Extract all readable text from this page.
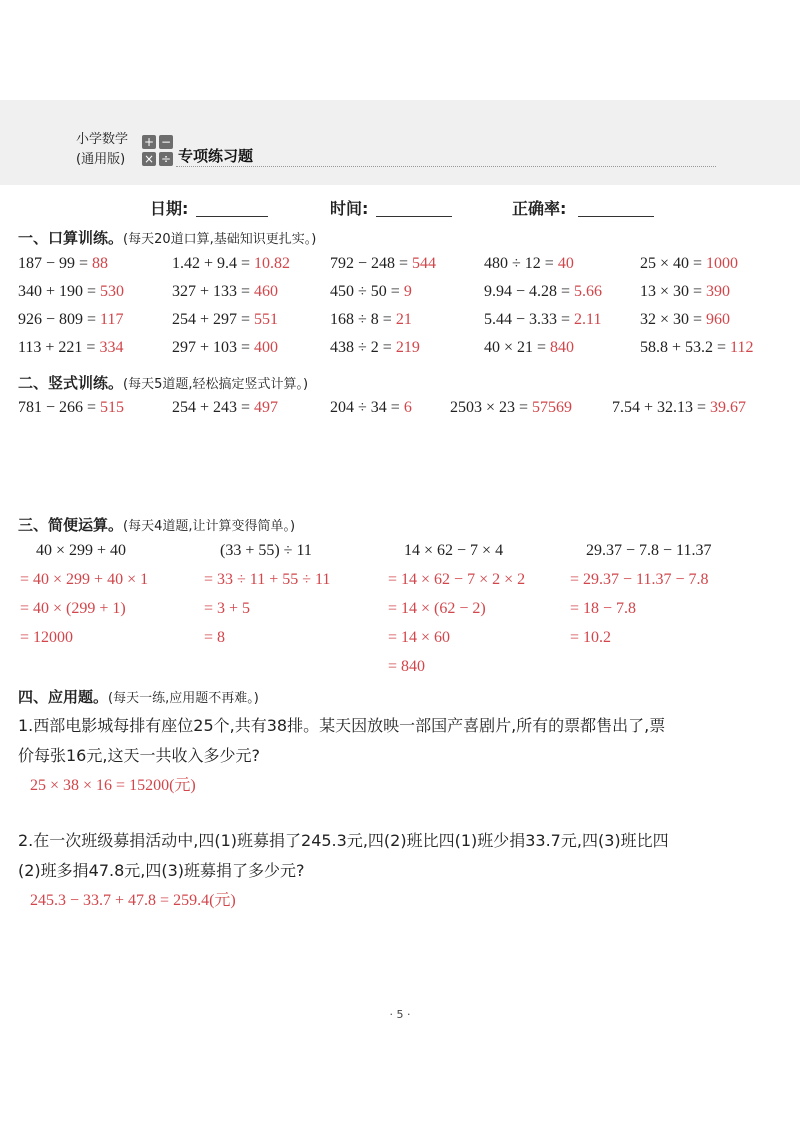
小学数学
(通用版)
+ −
× ÷ 专项练习题
日期:	时间:	正确率:
一、口算训练。(每天20道口算,基础知识更扎实。)
187 − 99 = 88	1.42 + 9.4 = 10.82 792 − 248 = 544	480 ÷ 12 = 40	25 × 40 = 1000
340 + 190 = 530	327 + 133 = 460	450 ÷ 50 = 9	9.94 − 4.28 = 5.66 13 × 30 = 390
926 − 809 = 117	254 + 297 = 551	168 ÷ 8 = 21	5.44 − 3.33 = 2.11 32 × 30 = 960
113 + 221 = 334	297 + 103 = 400	438 ÷ 2 = 219	40 × 21 = 840	58.8 + 53.2 = 112
二、竖式训练。(每天5道题,轻松搞定竖式计算。)
781 − 266 = 515	254 + 243 = 497	204 ÷ 34 = 6 2503 × 23 = 57569 7.54 + 32.13 = 39.67
三、简便运算。(每天4道题,让计算变得简单。)
40 × 299 + 40
= 40 × 299 + 40 × 1
= 40 × (299 + 1)
= 12000
(33 + 55) ÷ 11
= 33 ÷ 11 + 55 ÷ 11
= 3 + 5
= 8
14 × 62 − 7 × 4
= 14 × 62 − 7 × 2 × 2
= 14 × (62 − 2)
= 14 × 60
= 840
29.37 − 7.8 − 11.37
= 29.37 − 11.37 − 7.8
= 18 − 7.8
= 10.2
四、应用题。(每天一练,应用题不再难。)
1.西部电影城每排有座位25个,共有38排。某天因放映一部国产喜剧片,所有的票都售出了,票
价每张16元,这天一共收入多少元?
25 × 38 × 16 = 15200(元)
2.在一次班级募捐活动中,四(1)班募捐了245.3元,四(2)班比四(1)班少捐33.7元,四(3)班比四
(2)班多捐47.8元,四(3)班募捐了多少元?
245.3 − 33.7 + 47.8 = 259.4(元)
· 5 ·
